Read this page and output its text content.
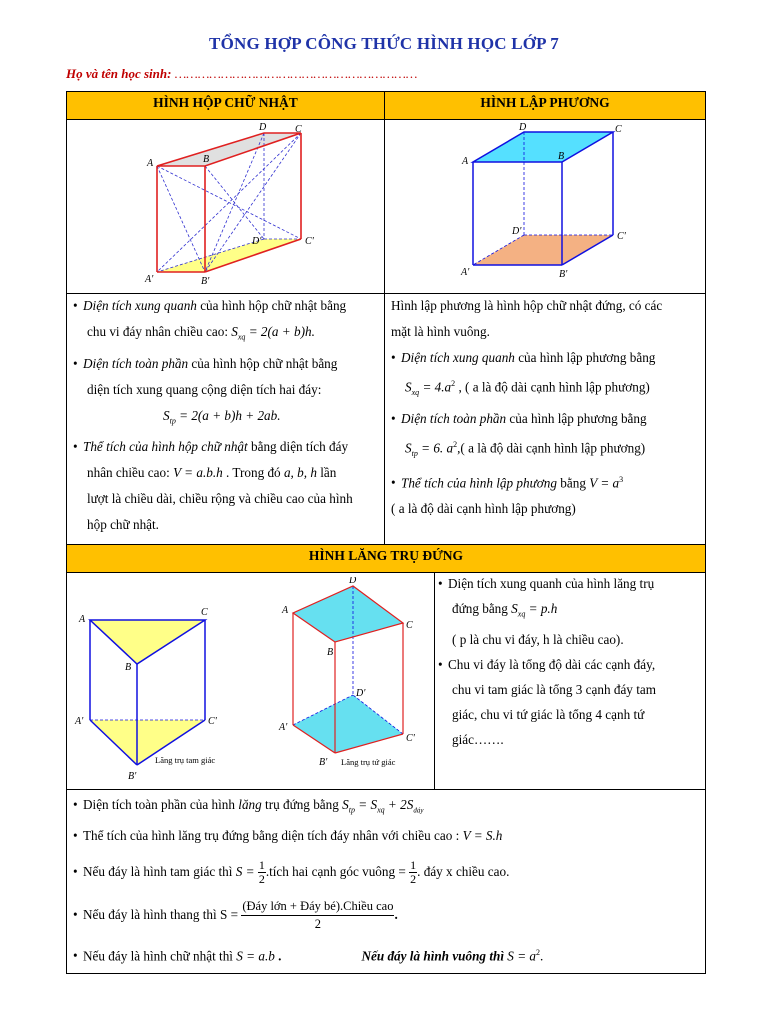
TỔNG HỢP CÔNG THỨC HÌNH HỌC LỚP 7
Họ và tên học sinh: ………………………………………………………
HÌNH HỘP CHỮ NHẬT	HÌNH LẬP PHƯƠNG
A	B
C
D
A'	B'
C'
D'
A	B
C
D
A'	B'
C'
D'

• Diện tích xung quanh của hình hộp chữ nhật bằng

chu vi đáy nhân chiều cao: $S_{xq} = 2(a + b)h$.

• Diện tích toàn phần của hình hộp chữ nhật bằng

diện tích xung quang cộng diện tích hai đáy:

$S_{tp} = 2(a + b)h + 2ab$.

• Thể tích của hình hộp chữ nhật bằng diện tích đáy

nhân chiều cao: V = a.b.h . Trong đó a, b, h lần

lượt là chiều dài, chiều rộng và chiều cao của hình

hộp chữ nhật.

Hình lập phương là hình hộp chữ nhật đứng, có các

mặt là hình vuông.

• Diện tích xung quanh của hình lập phương bằng

$S_{xq} = 4.a^2$ , ( a là độ dài cạnh hình lập phương)

• Diện tích toàn phần của hình lập phương bằng

$S_{tp} = 6$. $a^2$,( a là độ dài cạnh hình lập phương)

• Thể tích của hình lập phương bằng $V = a^3$

( a là độ dài cạnh hình lập phương)

HÌNH LĂNG TRỤ ĐỨNG
A
C
B
A'	C'
B'
Lăng trụ tam giác
A
B
C
D
A'
B'
C'
D'
Lăng trụ tứ giác

• Diện tích xung quanh của hình lăng trụ

đứng bằng $S_{xq} = p.h$

( p là chu vi đáy, h là chiều cao).

• Chu vi đáy là tổng độ dài các cạnh đáy,

chu vi tam giác là tổng 3 cạnh đáy tam

giác, chu vi tứ giác là tổng 4 cạnh tứ

giác…….

• Diện tích toàn phần của hình lăng trụ đứng bằng $S_{tp} = S_{xq} + 2S_{đáy}$

• Thể tích của hình lăng trụ đứng bằng diện tích đáy nhân với chiều cao : V = S.h

• Nếu đáy là hình tam giác thì $S = \frac{1}{2}$ .tích hai cạnh góc vuông = $\frac{1}{2}$ . đáy x chiều cao.

• Nếu đáy là hình thang thì $S = \frac{\text{(Đáy lớn + Đáy bé).Chiều cao}}{2}$ .

• Nếu đáy là hình chữ nhật thì S = a.b .	Nếu đáy là hình vuông thì $S = a^2$.
